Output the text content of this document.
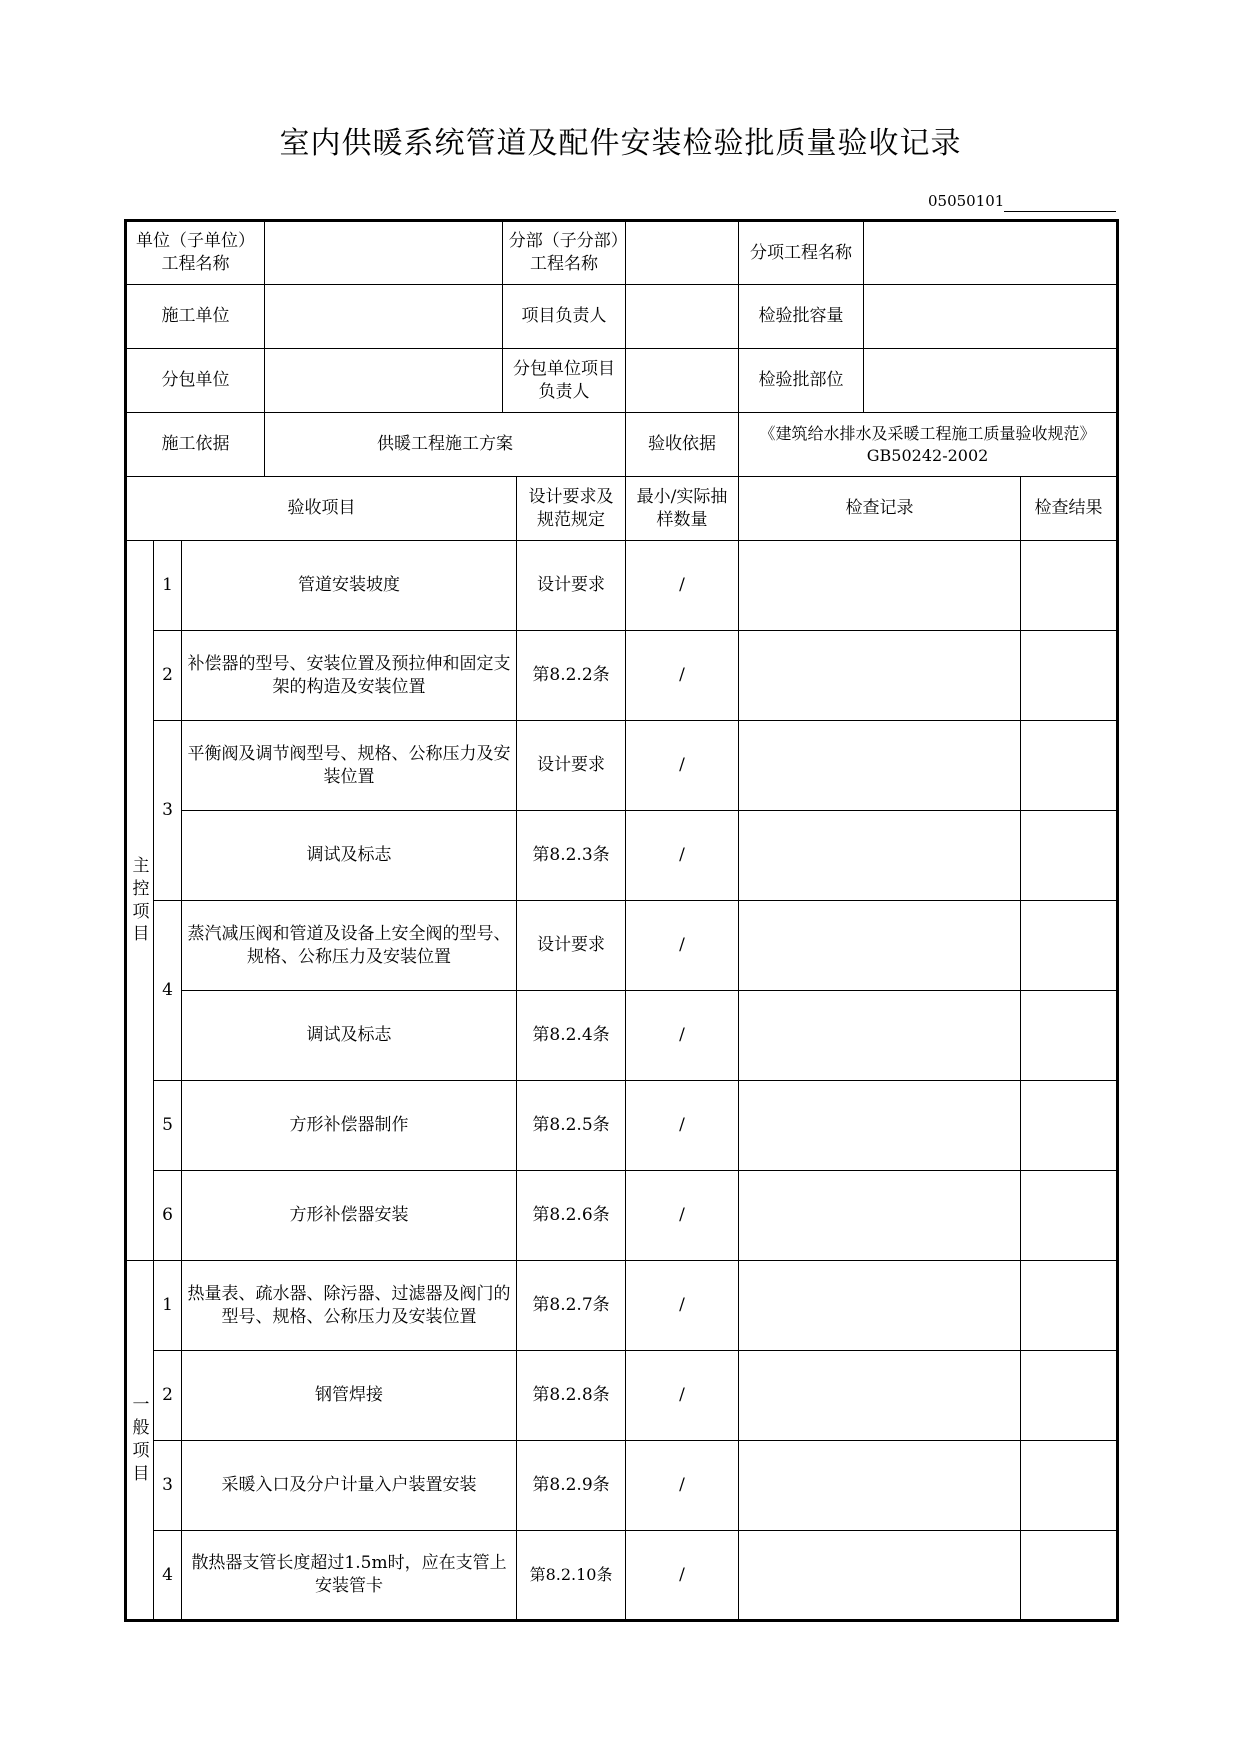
室内供暖系统管道及配件安装检验批质量验收记录
05050101
单位（子单位）工程名称				分部（子分部）工程名称			分项工程名称		
施工单位				项目负责人			检验批容量		
分包单位				分包单位项目负责人			检验批部位		
施工依据			供暖工程施工方案			验收依据	《建筑给水排水及采暖工程施工质量验收规范》GB50242-2002		
验收项目					设计要求及规范规定	最小/实际抽样数量	检查记录		检查结果
主控项目	1	管道安装坡度			设计要求	/			
	2	补偿器的型号、安装位置及预拉伸和固定支架的构造及安装位置			第8.2.2条	/			
	3	平衡阀及调节阀型号、规格、公称压力及安装位置			设计要求	/			
		调试及标志			第8.2.3条	/			
	4	蒸汽减压阀和管道及设备上安全阀的型号、规格、公称压力及安装位置			设计要求	/			
		调试及标志			第8.2.4条	/			
	5	方形补偿器制作			第8.2.5条	/			
	6	方形补偿器安装			第8.2.6条	/			
一般项目	1	热量表、疏水器、除污器、过滤器及阀门的型号、规格、公称压力及安装位置			第8.2.7条	/			
	2	钢管焊接			第8.2.8条	/			
	3	采暖入口及分户计量入户装置安装			第8.2.9条	/			
	4	散热器支管长度超过1.5m时，应在支管上安装管卡			第8.2.10条	/			
